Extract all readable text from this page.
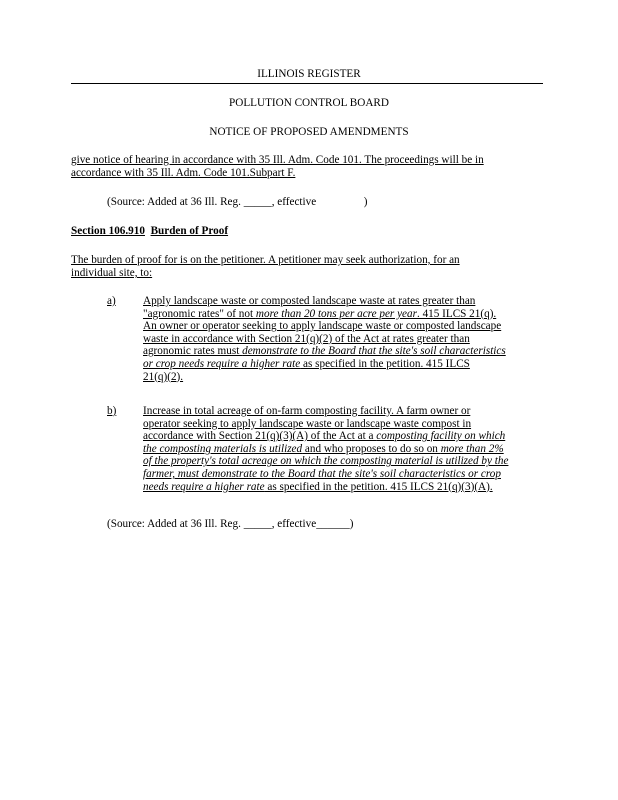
ILLINOIS REGISTER
POLLUTION CONTROL BOARD
NOTICE OF PROPOSED AMENDMENTS
give notice of hearing in accordance with 35 Ill. Adm. Code 101. The proceedings will be in
accordance with 35 Ill. Adm. Code 101.Subpart F.
(Source: Added at 36 Ill. Reg. _____, effective ________)
Section 106.910 Burden of Proof
The burden of proof for is on the petitioner. A petitioner may seek authorization, for an
individual site, to:
a) Apply landscape waste or composted landscape waste at rates greater than
"agronomic rates" of not more than 20 tons per acre per year. 415 ILCS 21(q).
An owner or operator seeking to apply landscape waste or composted landscape
waste in accordance with Section 21(q)(2) of the Act at rates greater than
agronomic rates must demonstrate to the Board that the site's soil characteristics
or crop needs require a higher rate as specified in the petition. 415 ILCS
21(q)(2).
b) Increase in total acreage of on-farm composting facility. A farm owner or
operator seeking to apply landscape waste or landscape waste compost in
accordance with Section 21(q)(3)(A) of the Act at a composting facility on which
the composting materials is utilized and who proposes to do so on more than 2%
of the property's total acreage on which the composting material is utilized by the
farmer, must demonstrate to the Board that the site's soil characteristics or crop
needs require a higher rate as specified in the petition. 415 ILCS 21(q)(3)(A).
(Source: Added at 36 Ill. Reg. _____, effective______)
